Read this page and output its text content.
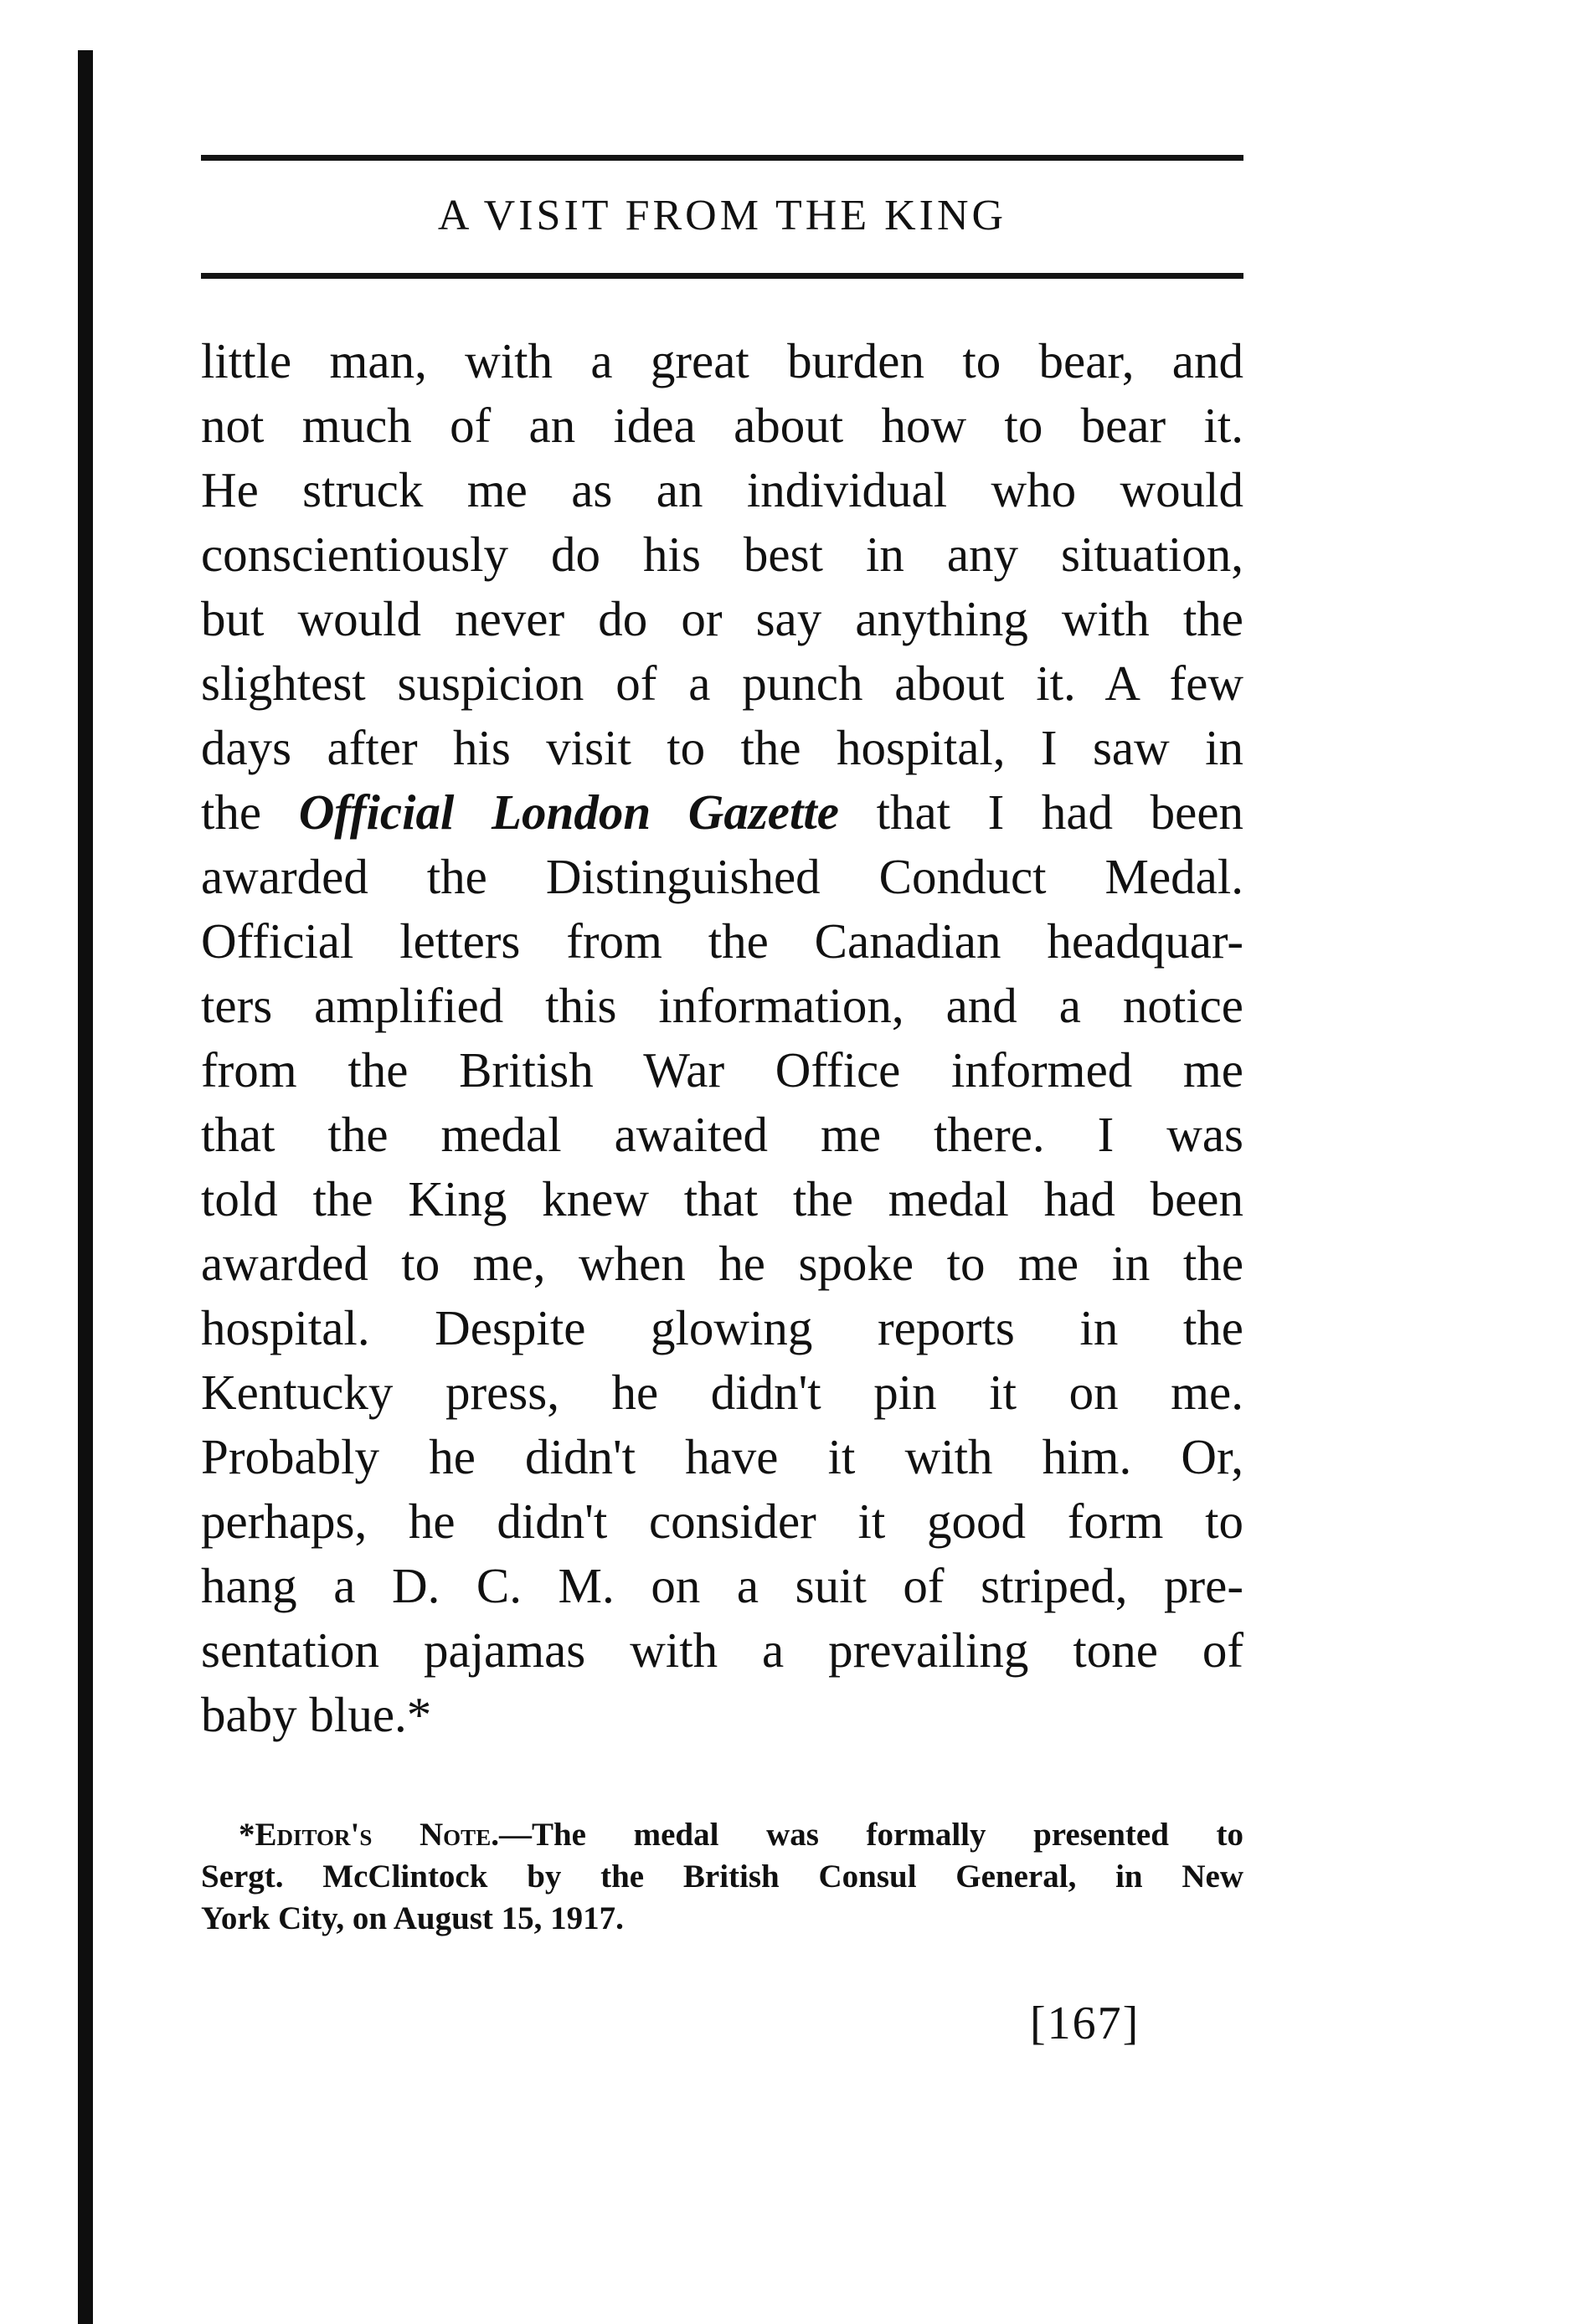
A VISIT FROM THE KING
little man, with a great burden to bear, and
not much of an idea about how to bear it.
He struck me as an individual who would
conscientiously do his best in any situation,
but would never do or say anything with the
slightest suspicion of a punch about it. A few
days after his visit to the hospital, I saw in
the Official London Gazette that I had been
awarded the Distinguished Conduct Medal.
Official letters from the Canadian headquar-
ters amplified this information, and a notice
from the British War Office informed me
that the medal awaited me there. I was
told the King knew that the medal had been
awarded to me, when he spoke to me in the
hospital. Despite glowing reports in the
Kentucky press, he didn't pin it on me.
Probably he didn't have it with him. Or,
perhaps, he didn't consider it good form to
hang a D. C. M. on a suit of striped, pre-
sentation pajamas with a prevailing tone of
baby blue.*
*Editor's Note.—The medal was formally presented to
Sergt. McClintock by the British Consul General, in New
York City, on August 15, 1917.
[167]
